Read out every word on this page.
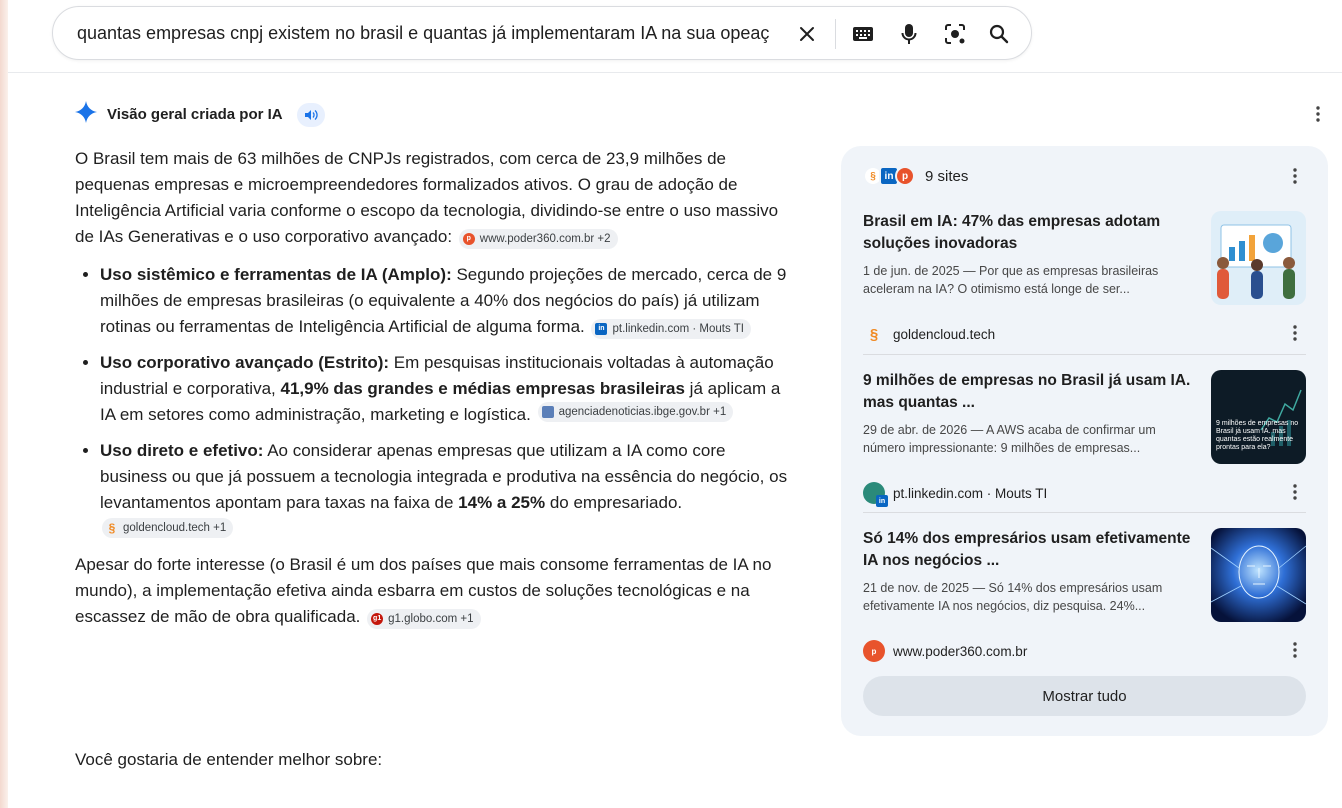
quantas empresas cnpj existem no brasil e quantas já implementaram IA na sua opeaç
Visão geral criada por IA

O Brasil tem mais de 63 milhões de CNPJs registrados, com cerca de 23,9 milhões de pequenas empresas e microempreendedores formalizados ativos. O grau de adoção de Inteligência Artificial varia conforme o escopo da tecnologia, dividindo-se entre o uso massivo de IAs Generativas e o uso corporativo avançado:	p www.poder360.com.br +2

• Uso sistêmico e ferramentas de IA (Amplo): Segundo projeções de mercado, cerca de 9 milhões de empresas brasileiras (o equivalente a 40% dos negócios do país) já utilizam rotinas ou ferramentas de Inteligência Artificial de alguma forma.	in pt.linkedin.com · Mouts TI
• Uso corporativo avançado (Estrito): Em pesquisas institucionais voltadas à automação industrial e corporativa, 41,9% das grandes e médias empresas brasileiras já aplicam a IA em setores como administração, marketing e logística. agenciadenoticias.ibge.gov.br +1
• Uso direto e efetivo: Ao considerar apenas empresas que utilizam a IA como core business ou que já possuem a tecnologia integrada e produtiva na essência do negócio, os levantamentos apontam para taxas na faixa de 14% a 25% do empresariado.
§ goldencloud.tech +1

Apesar do forte interesse (o Brasil é um dos países que mais consome ferramentas de IA no mundo), a implementação efetiva ainda esbarra em custos de soluções tecnológicas e na escassez de mão de obra qualificada. g1 g1.globo.com +1

Você gostaria de entender melhor sobre:
§ in p	9 sites
Brasil em IA: 47% das empresas adotam soluções inovadoras
1 de jun. de 2025 — Por que as empresas brasileiras aceleram na IA? O otimismo está longe de ser...
§	goldencloud.tech
9 milhões de empresas no Brasil já usam IA. mas quantas ...
29 de abr. de 2026 — A AWS acaba de confirmar um número impressionante: 9 milhões de empresas...
9 milhões de empresas no Brasil já usam IA. mas quantas estão realmente prontas para ela?
in
pt.linkedin.com · Mouts TI
Só 14% dos empresários usam efetivamente IA nos negócios ...
21 de nov. de 2025 — Só 14% dos empresários usam efetivamente IA nos negócios, diz pesquisa. 24%...
p	www.poder360.com.br
Mostrar tudo
